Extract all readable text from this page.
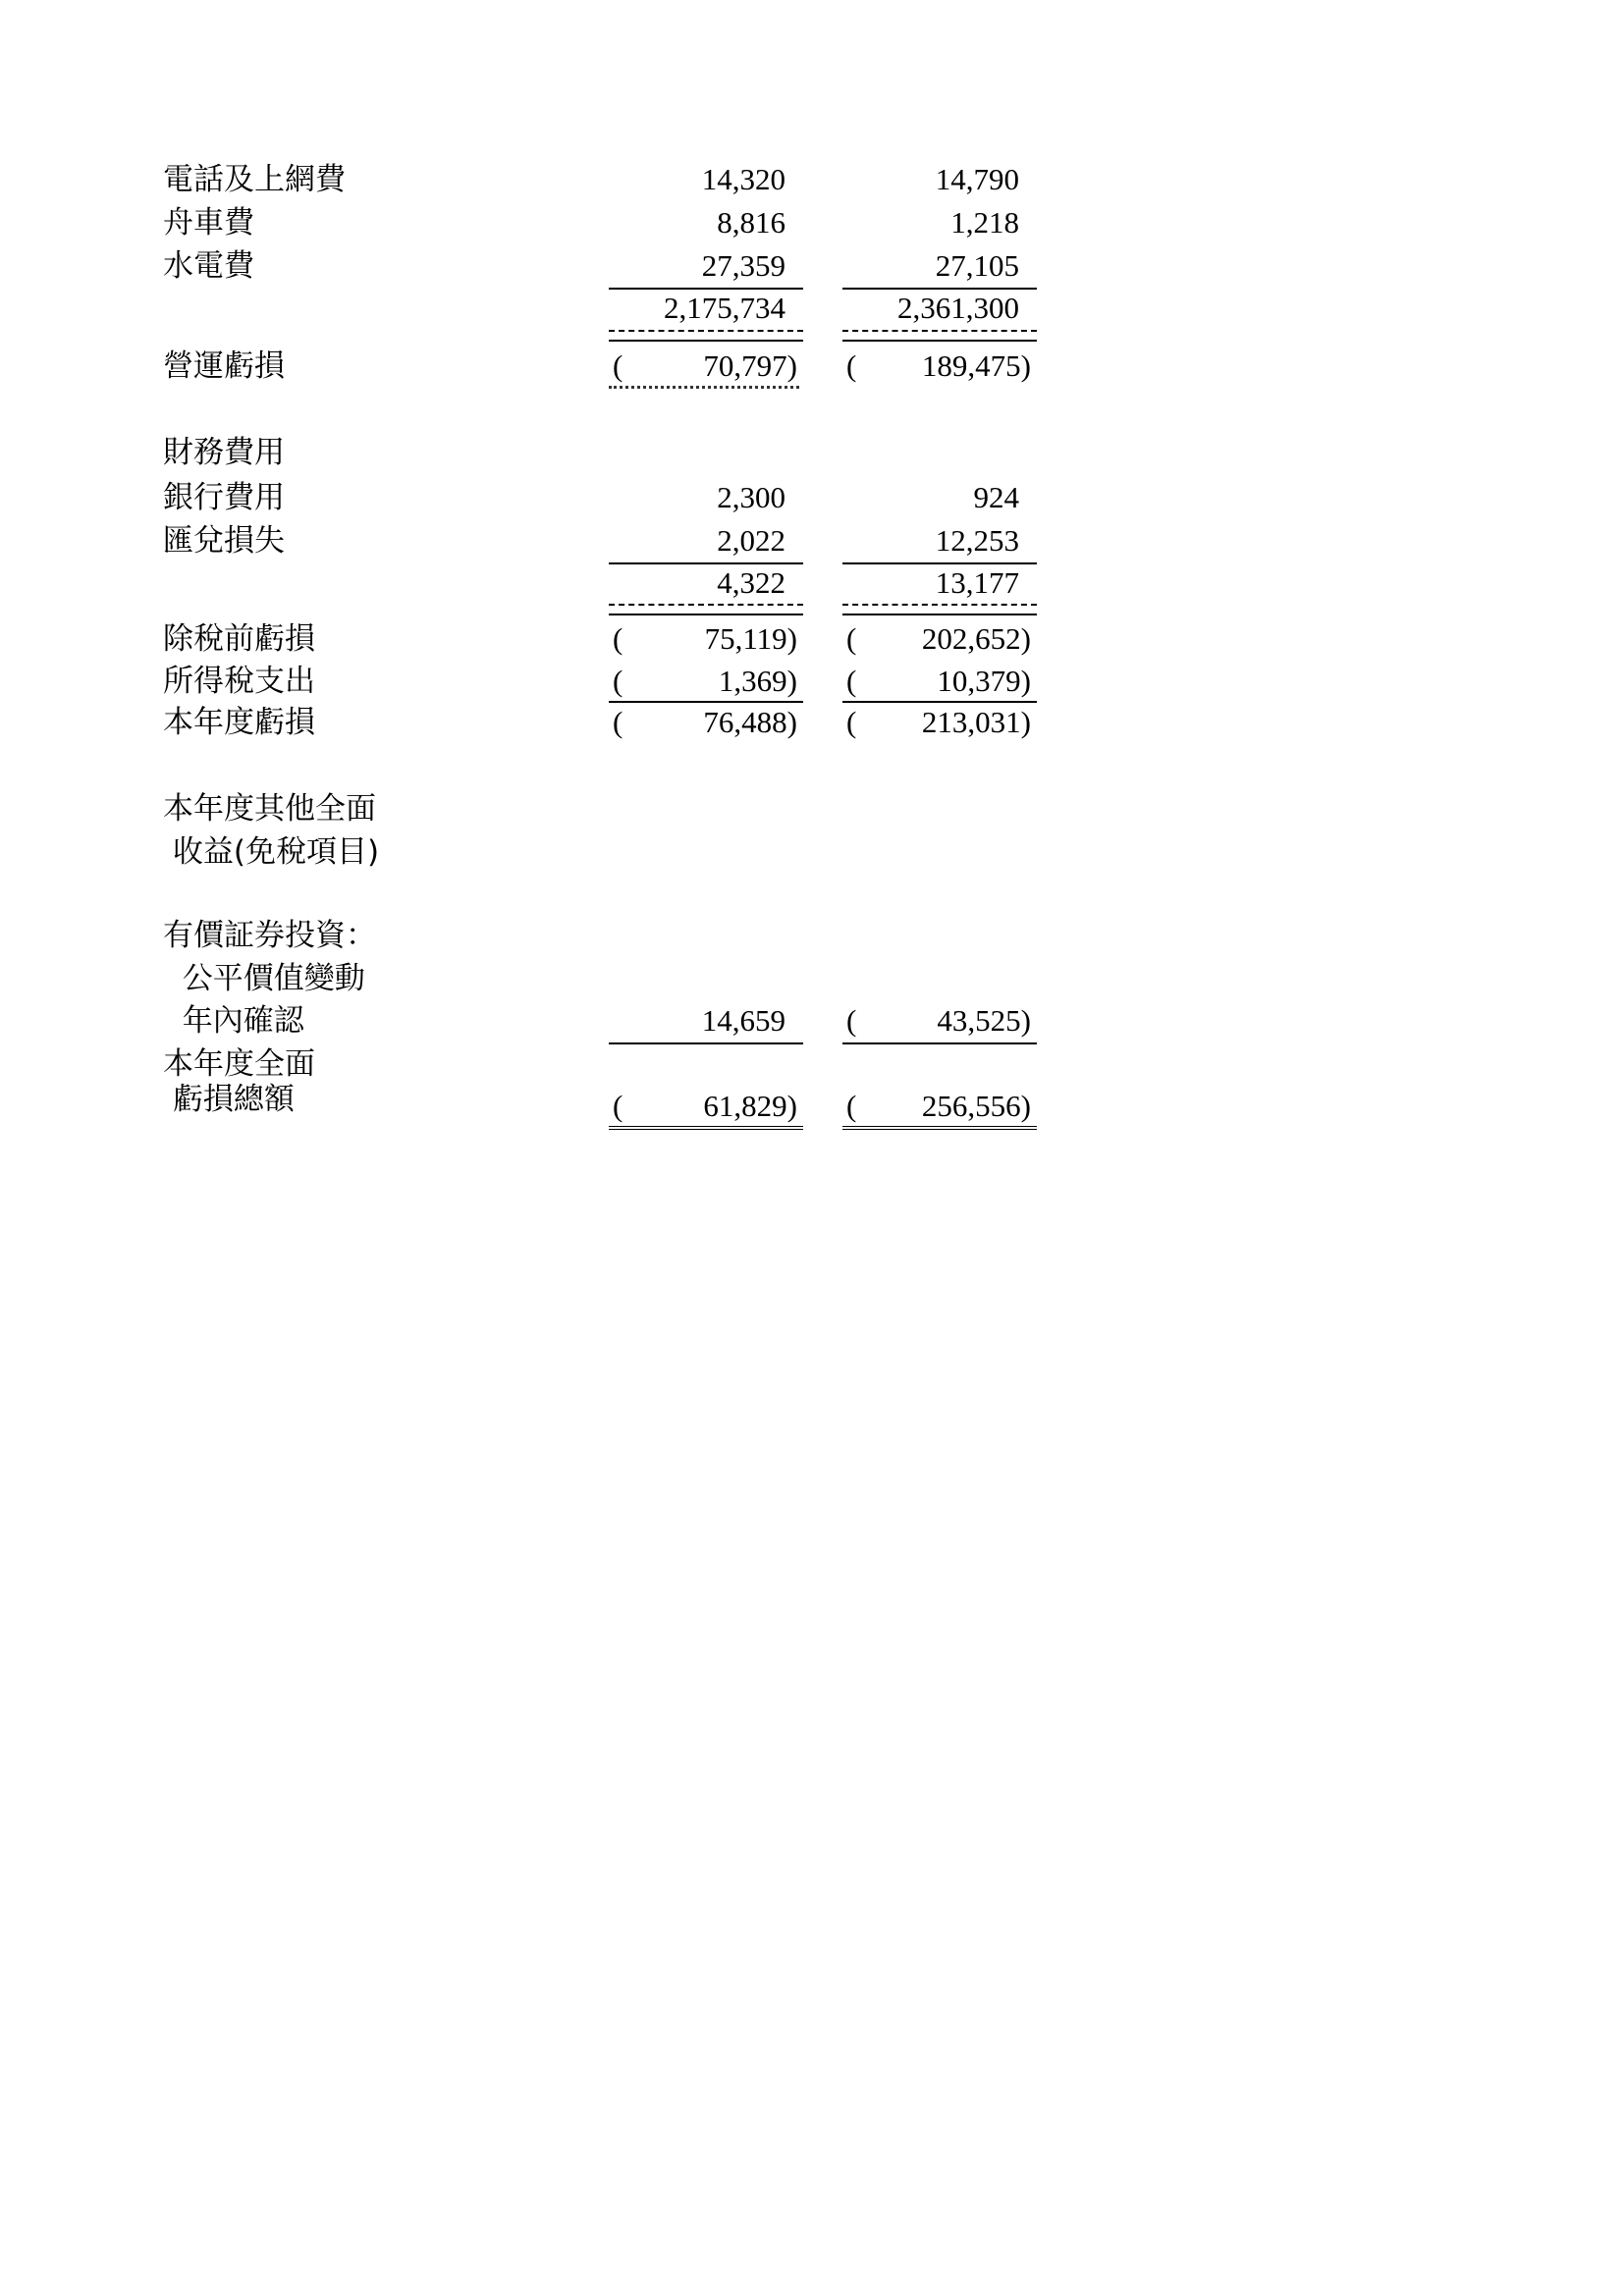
電話及上網費	14,320	14,790
舟車費	8,816	1,218
水電費	27,359	27,105
2,175,734	2,361,300
營運虧損	(	70,797) ( 189,475)
財務費用
銀行費用	2,300	924
匯兌損失	2,022	12,253
4,322	13,177
除稅前虧損	(	75,119) ( 202,652)
所得稅支出	(	1,369) (	10,379)
本年度虧損	(	76,488) ( 213,031)
本年度其他全面
收益(免稅項目)
有價証券投資：
公平價值變動
年內確認	14,659 (	43,525)
本年度全面
虧損總額	(	61,829) ( 256,556)
